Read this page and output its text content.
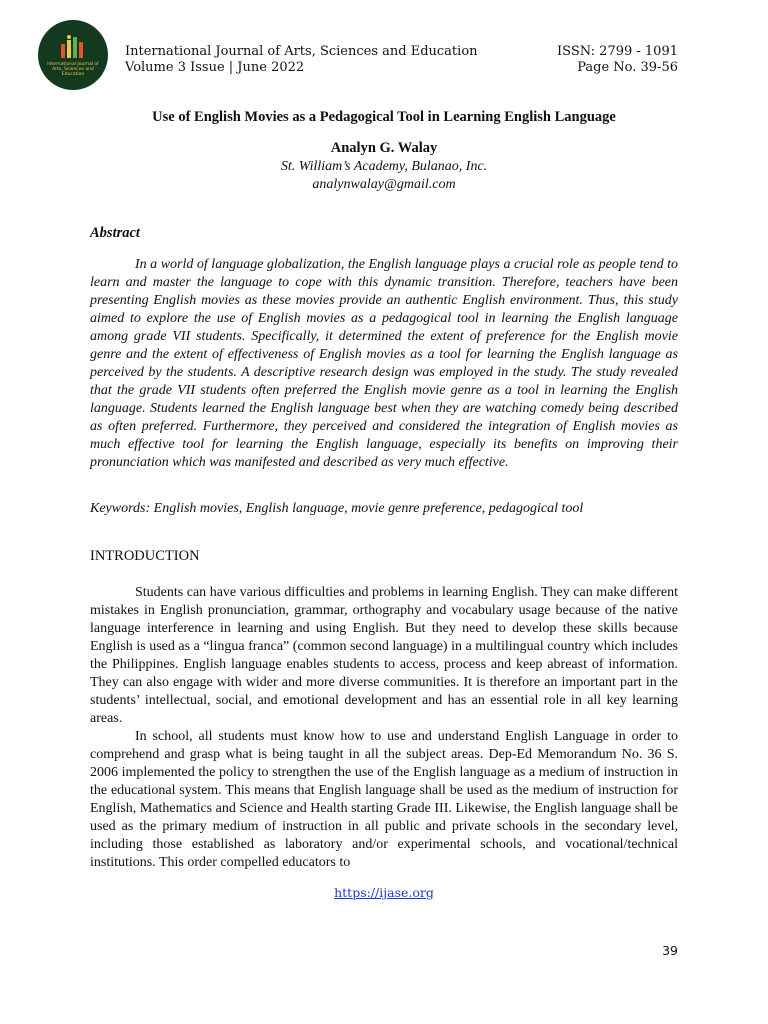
International Journal of Arts, Sciences and Education
International Journal of Arts, Sciences and Education
Volume 3 Issue | June 2022
ISSN: 2799 - 1091
Page No. 39-56
Use of English Movies as a Pedagogical Tool in Learning English Language
Analyn G. Walay
St. William’s Academy, Bulanao, Inc.
analynwalay@gmail.com
Abstract

In a world of language globalization, the English language plays a crucial role as people tend to learn and master the language to cope with this dynamic transition. Therefore, teachers have been presenting English movies as these movies provide an authentic English environment. Thus, this study aimed to explore the use of English movies as a pedagogical tool in learning the English language among grade VII students. Specifically, it determined the extent of preference for the English movie genre and the extent of effectiveness of English movies as a tool for learning the English language as perceived by the students. A descriptive research design was employed in the study. The study revealed that the grade VII students often preferred the English movie genre as a tool in learning the English language. Students learned the English language best when they are watching comedy being described as often preferred. Furthermore, they perceived and considered the integration of English movies as much effective tool for learning the English language, especially its benefits on improving their pronunciation which was manifested and described as very much effective.

Keywords: English movies, English language, movie genre preference, pedagogical tool
INTRODUCTION

Students can have various difficulties and problems in learning English. They can make different mistakes in English pronunciation, grammar, orthography and vocabulary usage because of the native language interference in learning and using English. But they need to develop these skills because English is used as a “lingua franca” (common second language) in a multilingual country which includes the Philippines. English language enables students to access, process and keep abreast of information. They can also engage with wider and more diverse communities. It is therefore an important part in the students’ intellectual, social, and emotional development and has an essential role in all key learning areas.

In school, all students must know how to use and understand English Language in order to comprehend and grasp what is being taught in all the subject areas. Dep-Ed Memorandum No. 36 S. 2006 implemented the policy to strengthen the use of the English language as a medium of instruction in the educational system. This means that English language shall be used as the medium of instruction for English, Mathematics and Science and Health starting Grade III. Likewise, the English language shall be used as the primary medium of instruction in all public and private schools in the secondary level, including those established as laboratory and/or experimental schools, and vocational/technical institutions. This order compelled educators to

https://ijase.org
39
